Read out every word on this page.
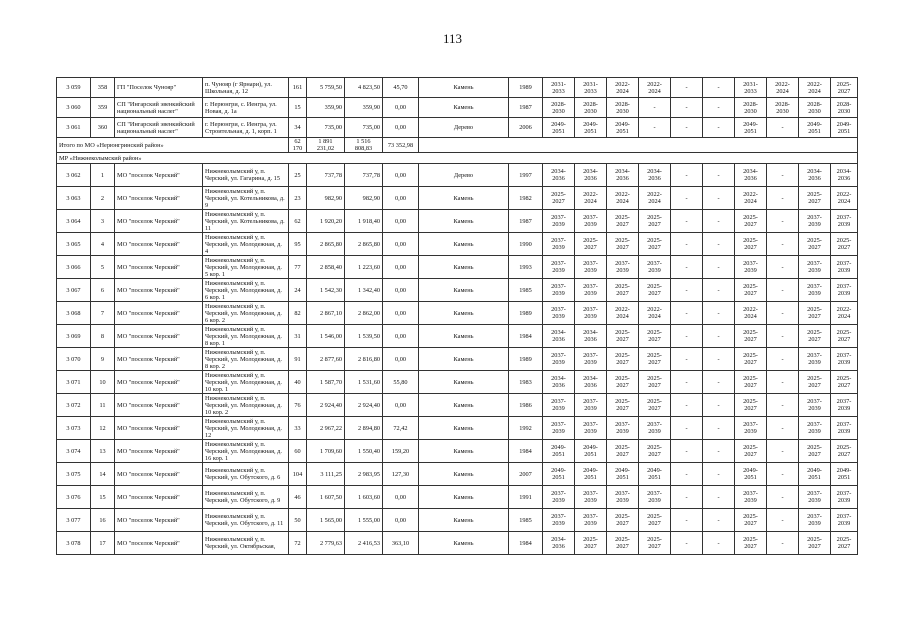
113
3 059	358	ГП "Поселок Чунояр"	п. Чунояр (г Ярнари), ул. Школьная, д. 12	161	5 759,50	4 823,50	45,70	Камень	1989	2031-2033	2031-2033	2022-2024	2022-2024	-	-	2031-2033	2022-2024	2022-2024	2025-2027
3 060	359	СП "Ингарский эвенкийский национальный наслег"	г. Нерюнгри, с. Иенгра, ул. Новая, д. 1а	15	359,90	359,90	0,00	Камень	1987	2028-2030	2028-2030	2028-2030	-	-	-	2028-2030	2028-2030	2028-2030	2028-2030
3 061	360	СП "Ингарский эвенкийский национальный наслег"	г. Нерюнгри, с. Иенгра, ул. Строительная, д. 1, корп. 1	34	735,00	735,00	0,00	Дерево	2006	2049-2051	2049-2051	2049-2051	-	-	-	2049-2051	-	2049-2051	2049-2051
Итого по МО «Нерюнгринский район»				62 170	1 891 231,02	1 516 808,83	73 352,98												
МР «Нижнеколымский район»																			
3 062	1	МО "поселок Черский"	Нижнеколымский у, п. Черский, ул. Гагарина, д. 15	25	737,78	737,78	0,00	Дерево	1997	2034-2036	2034-2036	2034-2036	2034-2036	-	-	2034-2036	-	2034-2036	2034-2036
3 063	2	МО "поселок Черский"	Нижнеколымский у, п. Черский, ул. Котельникова, д. 9	23	982,90	982,90	0,00	Камень	1982	2025-2027	2022-2024	2022-2024	2022-2024	-	-	2022-2024	-	2025-2027	2022-2024
3 064	3	МО "поселок Черский"	Нижнеколымский у, п. Черский, ул. Котельникова, д. 11	62	1 920,20	1 918,40	0,00	Камень	1987	2037-2039	2037-2039	2025-2027	2025-2027	-	-	2025-2027	-	2037-2039	2037-2039
3 065	4	МО "поселок Черский"	Нижнеколымский у, п. Черский, ул. Молодежная, д. 4	95	2 865,80	2 865,80	0,00	Камень	1990	2037-2039	2025-2027	2025-2027	2025-2027	-	-	2025-2027	-	2025-2027	2025-2027
3 066	5	МО "поселок Черский"	Нижнеколымский у, п. Черский, ул. Молодежная, д. 5 кор. 1	77	2 858,40	1 223,60	0,00	Камень	1993	2037-2039	2037-2039	2037-2039	2037-2039	-	-	2037-2039	-	2037-2039	2037-2039
3 067	6	МО "поселок Черский"	Нижнеколымский у, п. Черский, ул. Молодежная, д. 6 кор. 1	24	1 542,30	1 342,40	0,00	Камень	1985	2037-2039	2037-2039	2025-2027	2025-2027	-	-	2025-2027	-	2037-2039	2037-2039
3 068	7	МО "поселок Черский"	Нижнеколымский у, п. Черский, ул. Молодежная, д. 6 кор. 2	82	2 867,10	2 862,00	0,00	Камень	1989	2037-2039	2037-2039	2022-2024	2022-2024	-	-	2022-2024	-	2025-2027	2022-2024
3 069	8	МО "поселок Черский"	Нижнеколымский у, п. Черский, ул. Молодежная, д. 8 кор. 1	31	1 546,00	1 539,50	0,00	Камень	1984	2034-2036	2034-2036	2025-2027	2025-2027	-	-	2025-2027	-	2025-2027	2025-2027
3 070	9	МО "поселок Черский"	Нижнеколымский у, п. Черский, ул. Молодежная, д. 8 кор. 2	91	2 877,60	2 816,80	0,00	Камень	1989	2037-2039	2037-2039	2025-2027	2025-2027	-	-	2025-2027	-	2037-2039	2037-2039
3 071	10	МО "поселок Черский"	Нижнеколымский у, п. Черский, ул. Молодежная, д. 10 кор. 1	40	1 587,70	1 531,60	55,80	Камень	1983	2034-2036	2034-2036	2025-2027	2025-2027	-	-	2025-2027	-	2025-2027	2025-2027
3 072	11	МО "поселок Черский"	Нижнеколымский у, п. Черский, ул. Молодежная, д. 10 кор. 2	76	2 924,40	2 924,40	0,00	Камень	1986	2037-2039	2037-2039	2025-2027	2025-2027	-	-	2025-2027	-	2037-2039	2037-2039
3 073	12	МО "поселок Черский"	Нижнеколымский у, п. Черский, ул. Молодежная, д. 12	33	2 967,22	2 894,80	72,42	Камень	1992	2037-2039	2037-2039	2037-2039	2037-2039	-	-	2037-2039	-	2037-2039	2037-2039
3 074	13	МО "поселок Черский"	Нижнеколымский у, п. Черский, ул. Молодежная, д. 16 кор. 1	60	1 709,60	1 550,40	159,20	Камень	1984	2049-2051	2049-2051	2025-2027	2025-2027	-	-	2025-2027	-	2025-2027	2025-2027
3 075	14	МО "поселок Черский"	Нижнеколымский у, п. Черский, ул. Обутского, д. 6	104	3 111,25	2 983,95	127,30	Камень	2007	2049-2051	2049-2051	2049-2051	2049-2051	-	-	2049-2051	-	2049-2051	2049-2051
3 076	15	МО "поселок Черский"	Нижнеколымский у, п. Черский, ул. Обутского, д. 9	46	1 607,50	1 603,60	0,00	Камень	1991	2037-2039	2037-2039	2037-2039	2037-2039	-	-	2037-2039	-	2037-2039	2037-2039
3 077	16	МО "поселок Черский"	Нижнеколымский у, п. Черский, ул. Обутского, д. 11	50	1 565,00	1 555,00	0,00	Камень	1985	2037-2039	2037-2039	2025-2027	2025-2027	-	-	2025-2027	-	2037-2039	2037-2039
3 078	17	МО "поселок Черский"	Нижнеколымский у, п. Черский, ул. Октябрьская,	72	2 779,63	2 416,53	363,10	Камень	1984	2034-2036	2025-2027	2025-2027	2025-2027	-	-	2025-2027	-	2025-2027	2025-2027
